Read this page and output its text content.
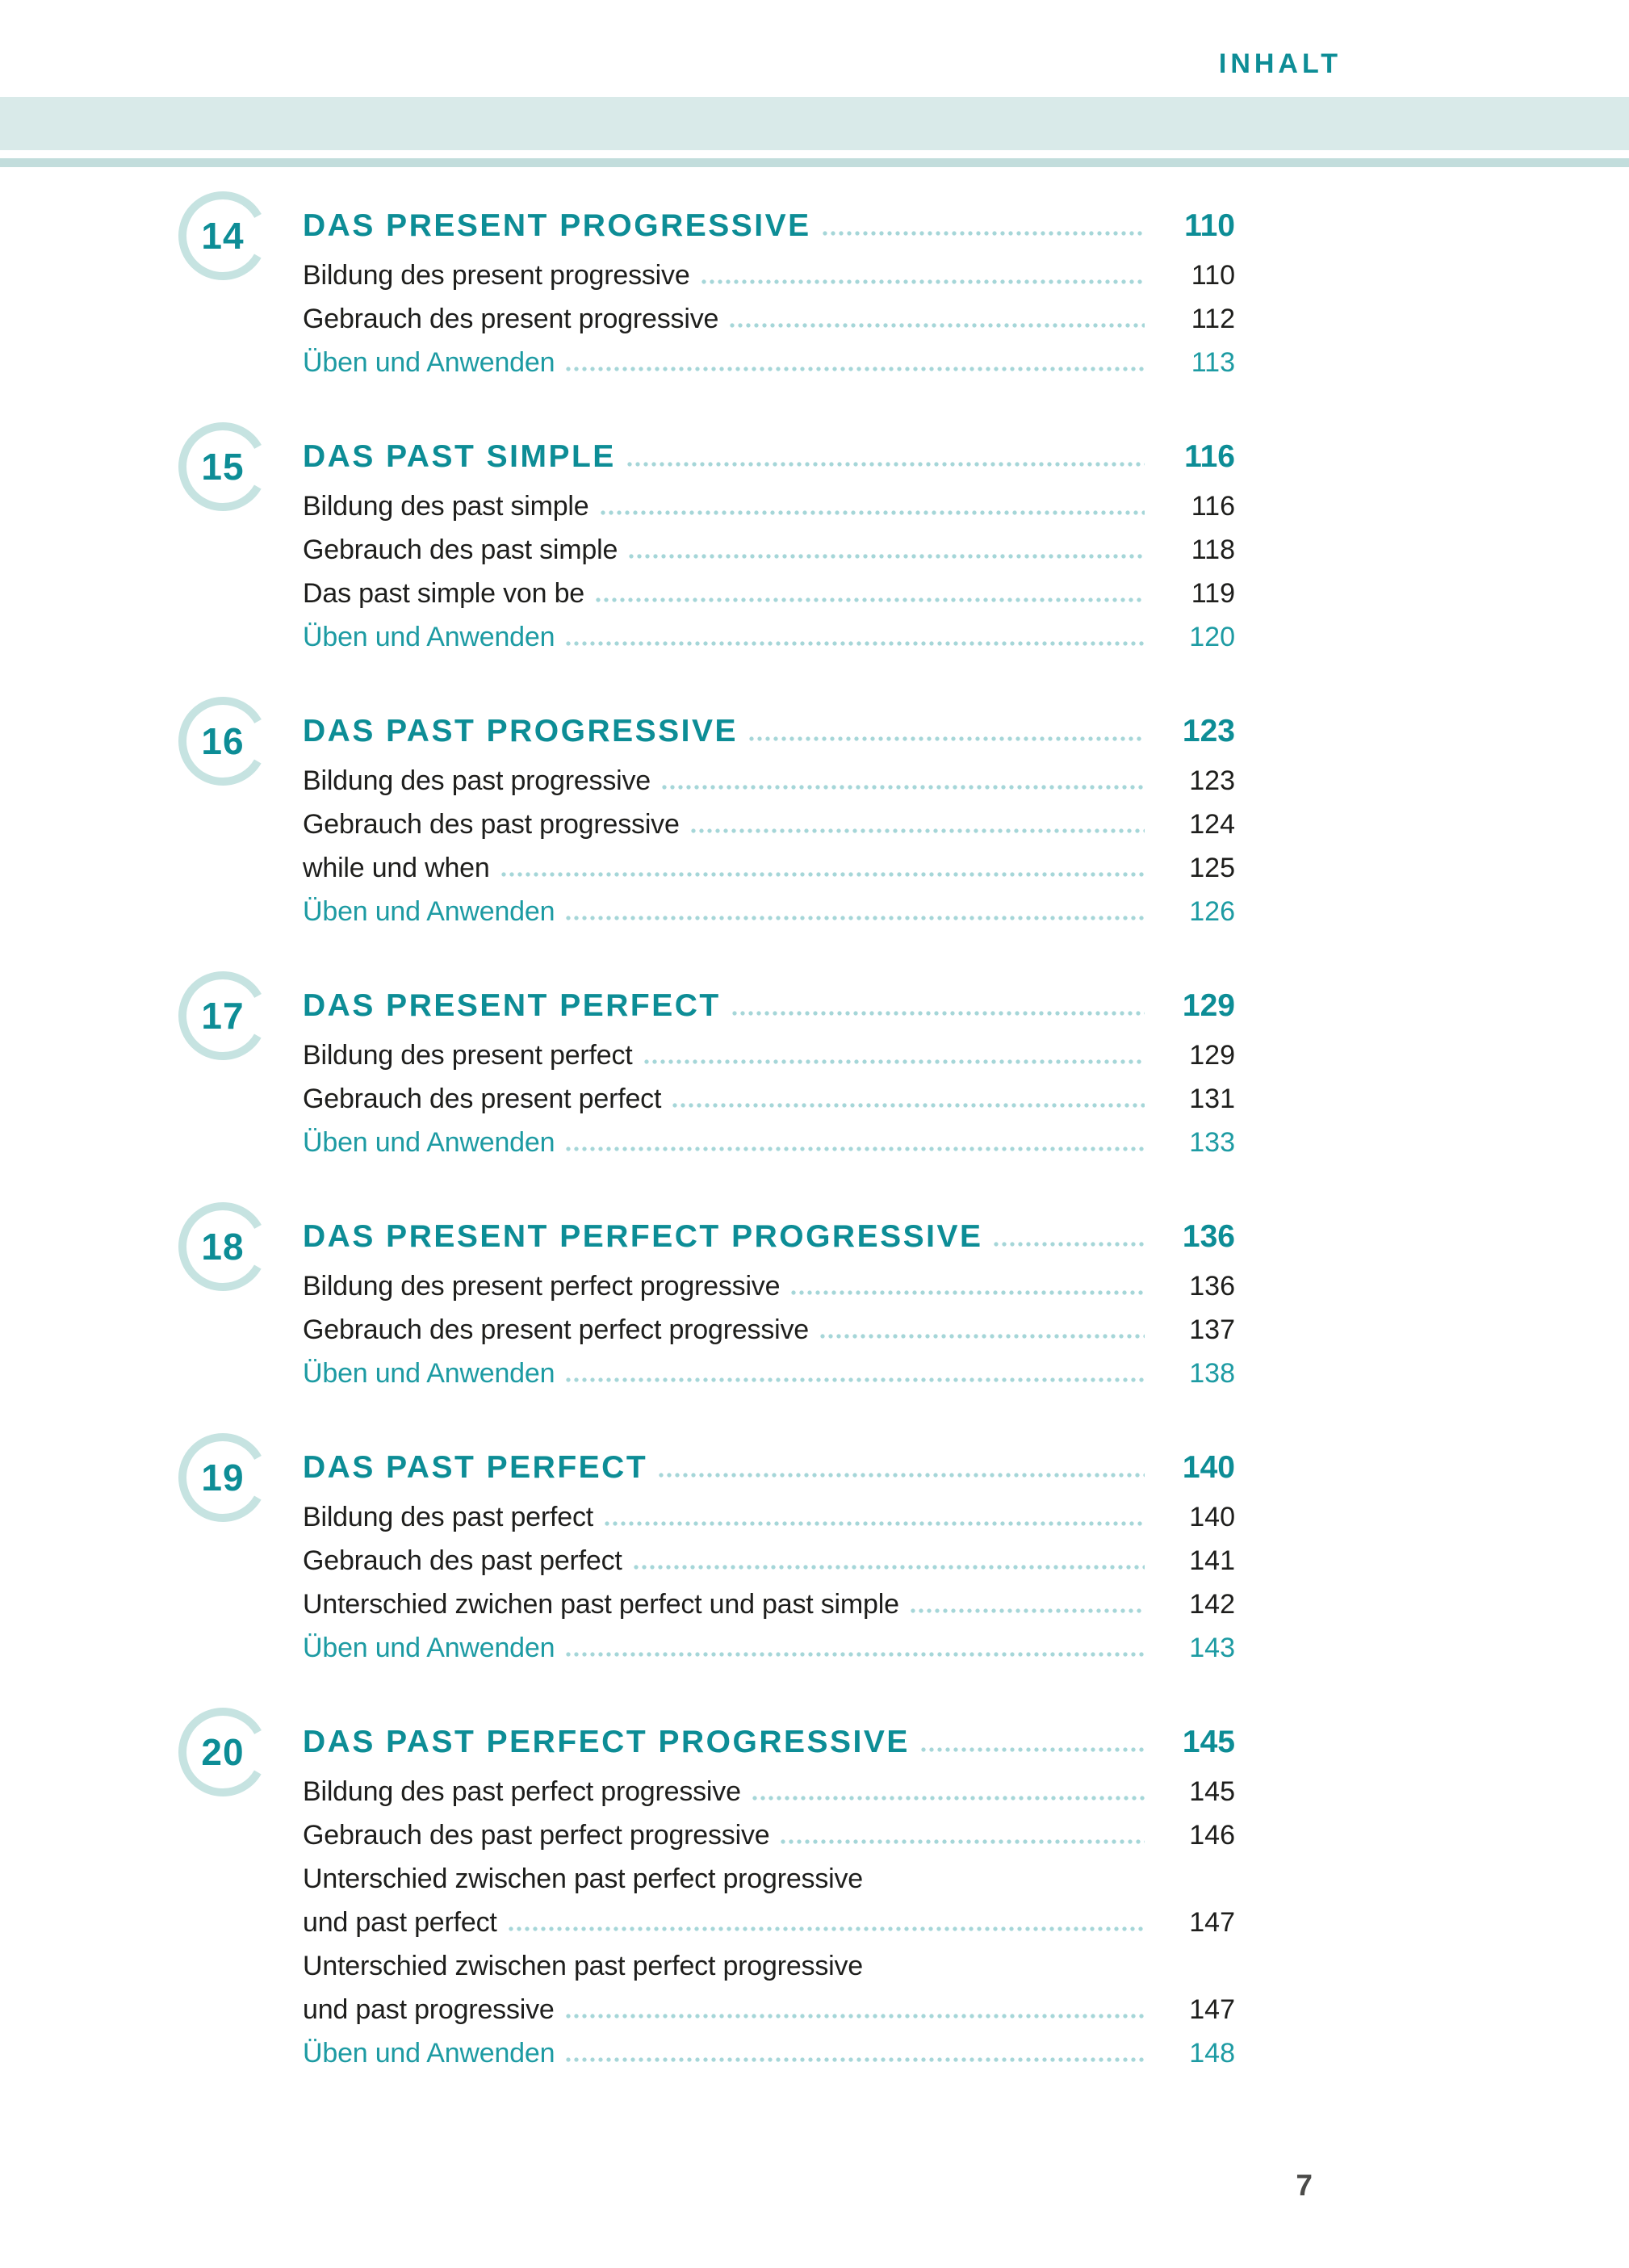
INHALT
14	DAS PRESENT PROGRESSIVE	110
Bildung des present progressive	110
Gebrauch des present progressive	112
Üben und Anwenden	113
15	DAS PAST SIMPLE	116
Bildung des past simple	116
Gebrauch des past simple	118
Das past simple von be	119
Üben und Anwenden	120
16	DAS PAST PROGRESSIVE	123
Bildung des past progressive	123
Gebrauch des past progressive	124
while und when	125
Üben und Anwenden	126
17	DAS PRESENT PERFECT	129
Bildung des present perfect	129
Gebrauch des present perfect	131
Üben und Anwenden	133
18	DAS PRESENT PERFECT PROGRESSIVE	136
Bildung des present perfect progressive	136
Gebrauch des present perfect progressive	137
Üben und Anwenden	138
19	DAS PAST PERFECT	140
Bildung des past perfect	140
Gebrauch des past perfect	141
Unterschied zwichen past perfect und past simple	142
Üben und Anwenden	143
20	DAS PAST PERFECT PROGRESSIVE	145
Bildung des past perfect progressive	145
Gebrauch des past perfect progressive	146
Unterschied zwischen past perfect progressive
und past perfect	147
Unterschied zwischen past perfect progressive
und past progressive	147
Üben und Anwenden	148
7
